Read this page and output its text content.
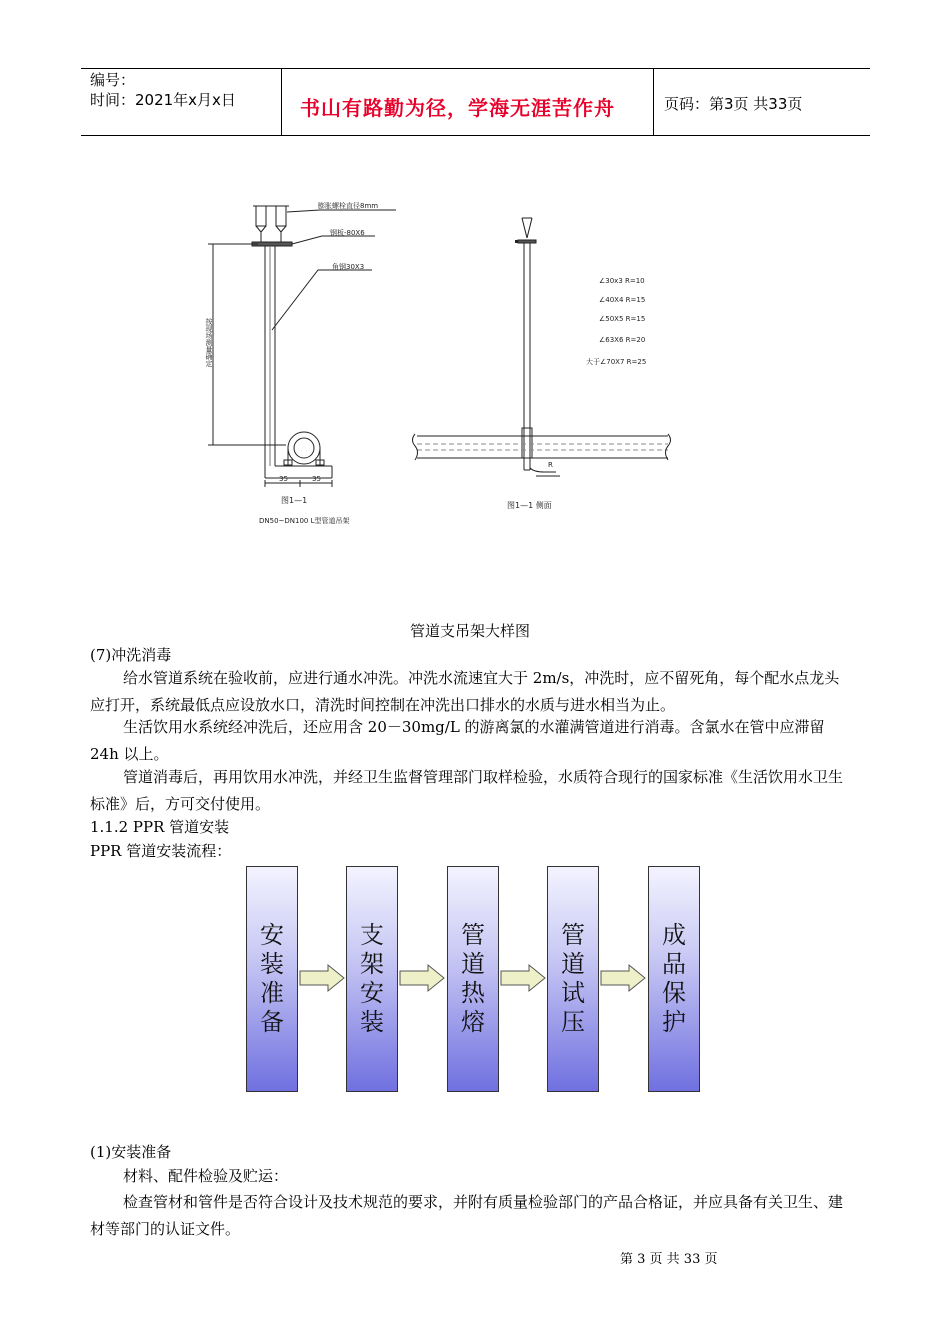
编号：
时间：2021年x月x日	书山有路勤为径，学海无涯苦作舟	页码：第3页 共33页
膨胀螺栓直径8mm
钢板-80X6
角钢30X3
按现场测量确定
35	35
图1—1
DN50~DN100 L型管道吊架
∠30x3 R=10
∠40X4 R=15
∠50X5 R=15
∠63X6 R=20
大于∠70X7 R=25
R
图1—1 侧面
管道支吊架大样图
(7)冲洗消毒
给水管道系统在验收前，应进行通水冲洗。冲洗水流速宜大于 2m/s，冲洗时，应不留死角，每个配水点龙头应打开，系统最低点应设放水口，清洗时间控制在冲洗出口排水的水质与进水相当为止。
生活饮用水系统经冲洗后，还应用含 20－30mg/L 的游离氯的水灌满管道进行消毒。含氯水在管中应滞留 24h 以上。
管道消毒后，再用饮用水冲洗，并经卫生监督管理部门取样检验，水质符合现行的国家标准《生活饮用水卫生标准》后，方可交付使用。
1.1.2 PPR 管道安装
PPR 管道安装流程：
安装准备
支架安装
管道热熔
管道试压
成品保护
(1)安装准备
材料、配件检验及贮运：
检查管材和管件是否符合设计及技术规范的要求，并附有质量检验部门的产品合格证，并应具备有关卫生、建材等部门的认证文件。
第 3 页 共 33 页
